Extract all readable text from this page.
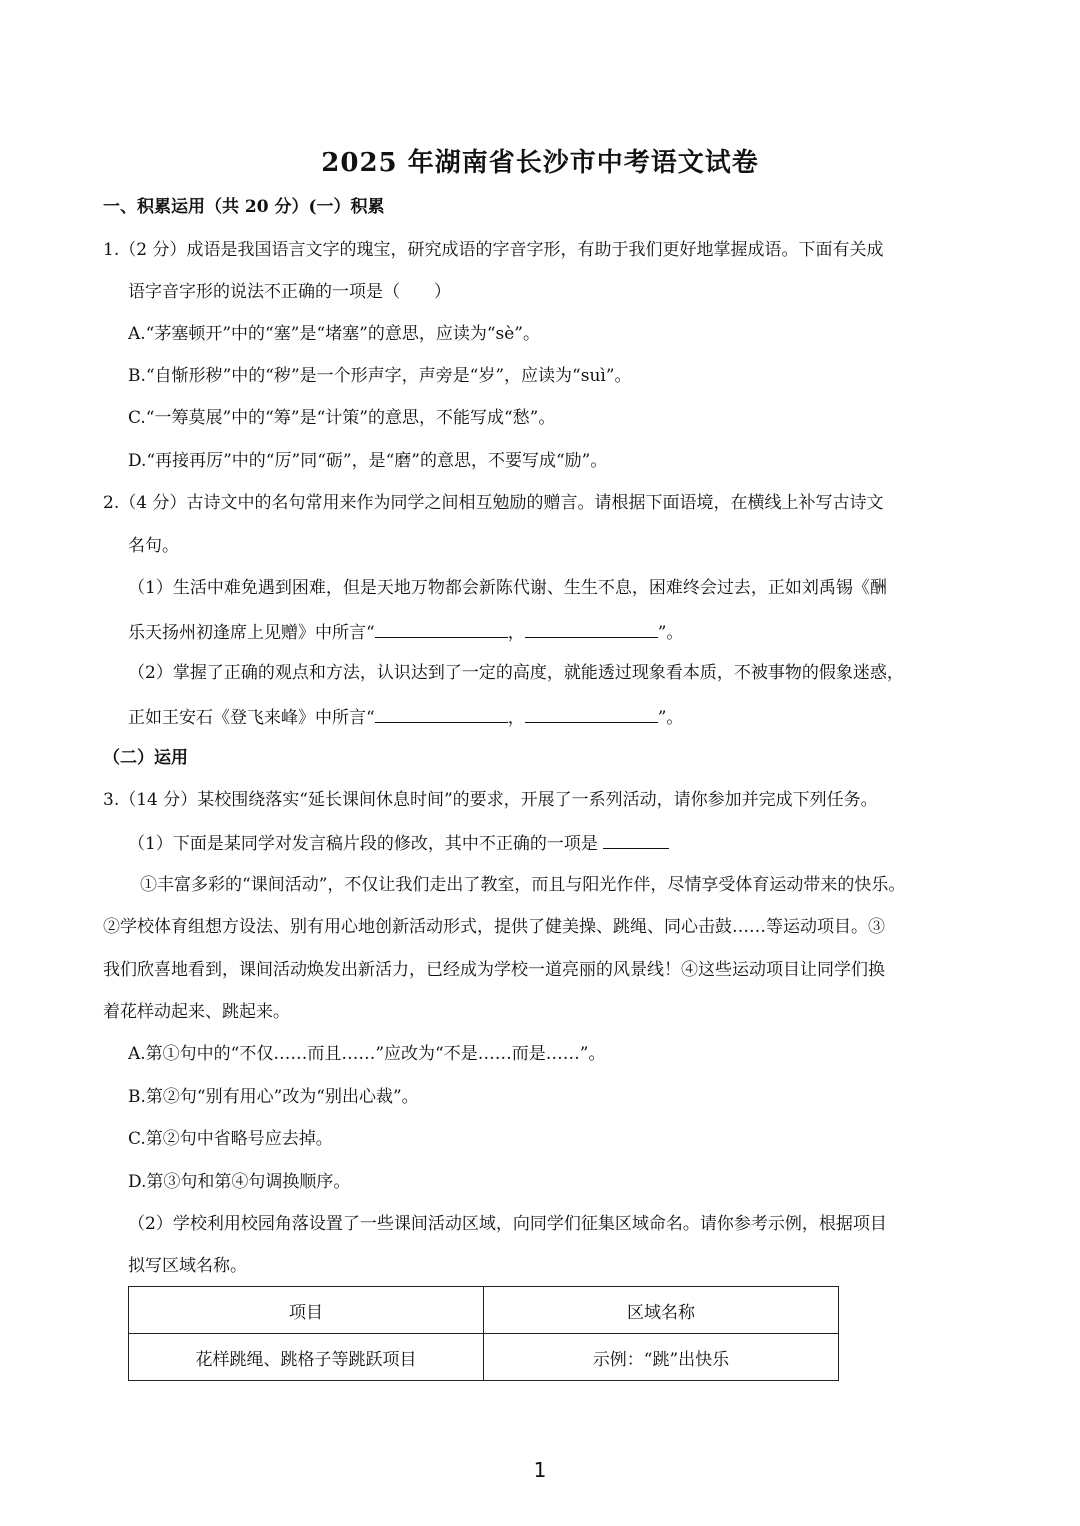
2025 年湖南省长沙市中考语文试卷
一、积累运用（共 20 分）(一）积累
1.（2 分）成语是我国语言文字的瑰宝，研究成语的字音字形，有助于我们更好地掌握成语。下面有关成
语字音字形的说法不正确的一项是（　　）
A.“茅塞顿开”中的“塞”是“堵塞”的意思，应读为“sè”。
B.“自惭形秽”中的“秽”是一个形声字，声旁是“岁”，应读为“suì”。
C.“一筹莫展”中的“筹”是“计策”的意思，不能写成“愁”。
D.“再接再厉”中的“厉”同“砺”，是“磨”的意思，不要写成“励”。
2.（4 分）古诗文中的名句常用来作为同学之间相互勉励的赠言。请根据下面语境，在横线上补写古诗文
名句。
（1）生活中难免遇到困难，但是天地万物都会新陈代谢、生生不息，困难终会过去，正如刘禹锡《酬
乐天扬州初逢席上见赠》中所言“	，	”。
（2）掌握了正确的观点和方法，认识达到了一定的高度，就能透过现象看本质，不被事物的假象迷惑，
正如王安石《登飞来峰》中所言“	，	”。
（二）运用
3.（14 分）某校围绕落实“延长课间休息时间”的要求，开展了一系列活动，请你参加并完成下列任务。
（1）下面是某同学对发言稿片段的修改，其中不正确的一项是
①丰富多彩的“课间活动”，不仅让我们走出了教室，而且与阳光作伴，尽情享受体育运动带来的快乐。
②学校体育组想方设法、别有用心地创新活动形式，提供了健美操、跳绳、同心击鼓……等运动项目。③
我们欣喜地看到，课间活动焕发出新活力，已经成为学校一道亮丽的风景线！④这些运动项目让同学们换
着花样动起来、跳起来。
A.第①句中的“不仅……而且……”应改为“不是……而是……”。
B.第②句“别有用心”改为“别出心裁”。
C.第②句中省略号应去掉。
D.第③句和第④句调换顺序。
（2）学校利用校园角落设置了一些课间活动区域，向同学们征集区域命名。请你参考示例，根据项目
拟写区域名称。
项目	区域名称
花样跳绳、跳格子等跳跃项目	示例：“跳”出快乐
1
